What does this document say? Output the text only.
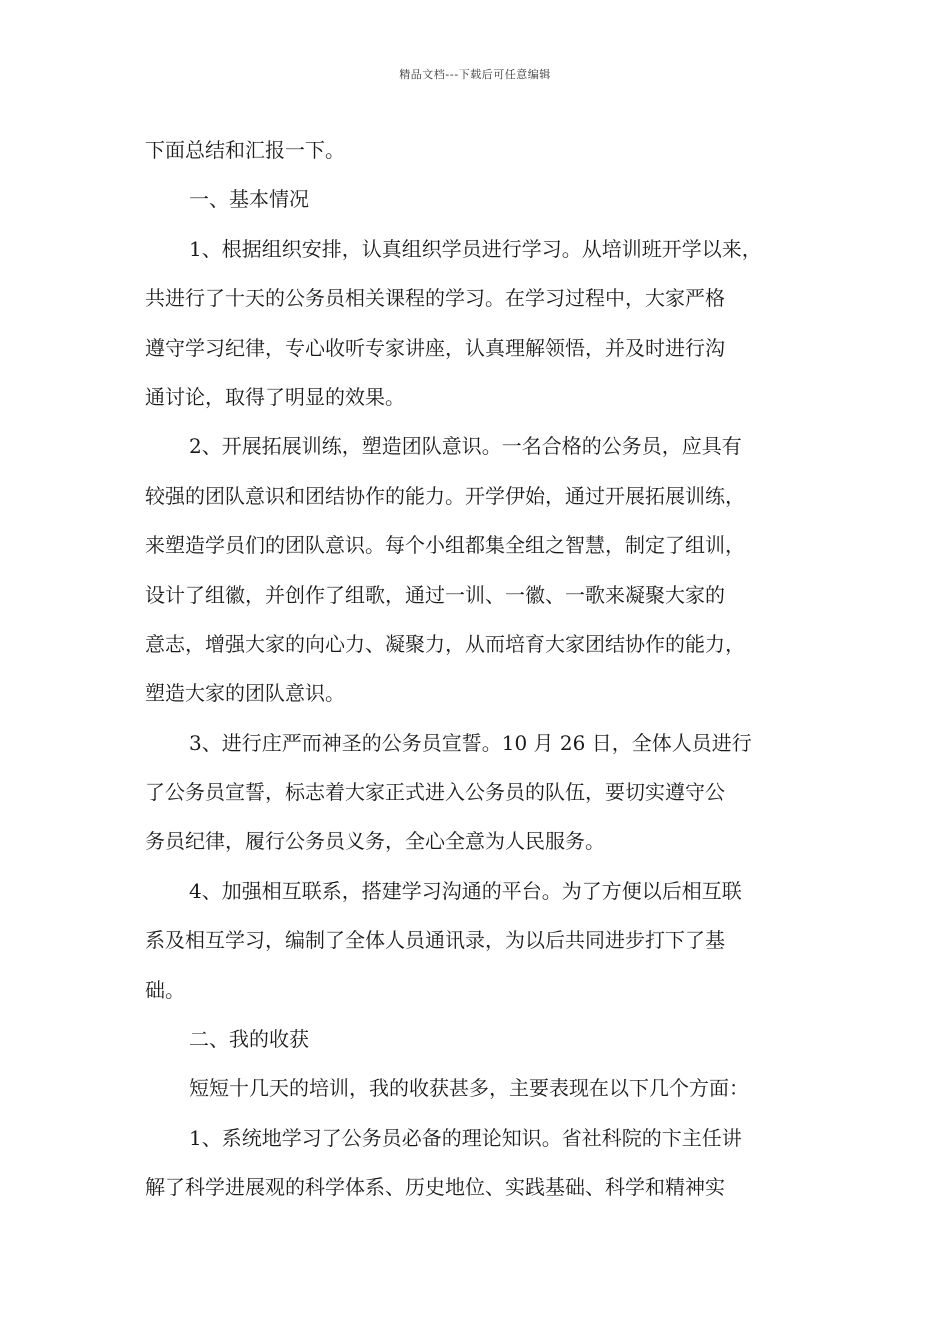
精品文档---下载后可任意编辑
下面总结和汇报一下。
一、基本情况
1、根据组织安排，认真组织学员进行学习。从培训班开学以来，
共进行了十天的公务员相关课程的学习。在学习过程中，大家严格
遵守学习纪律，专心收听专家讲座，认真理解领悟，并及时进行沟
通讨论，取得了明显的效果。
2、开展拓展训练，塑造团队意识。一名合格的公务员，应具有
较强的团队意识和团结协作的能力。开学伊始，通过开展拓展训练，
来塑造学员们的团队意识。每个小组都集全组之智慧，制定了组训，
设计了组徽，并创作了组歌，通过一训、一徽、一歌来凝聚大家的
意志，增强大家的向心力、凝聚力，从而培育大家团结协作的能力，
塑造大家的团队意识。
3、进行庄严而神圣的公务员宣誓。10 月 26 日，全体人员进行
了公务员宣誓，标志着大家正式进入公务员的队伍，要切实遵守公
务员纪律，履行公务员义务，全心全意为人民服务。
4、加强相互联系，搭建学习沟通的平台。为了方便以后相互联
系及相互学习，编制了全体人员通讯录，为以后共同进步打下了基
础。
二、我的收获
短短十几天的培训，我的收获甚多，主要表现在以下几个方面：
1、系统地学习了公务员必备的理论知识。省社科院的卞主任讲
解了科学进展观的科学体系、历史地位、实践基础、科学和精神实
